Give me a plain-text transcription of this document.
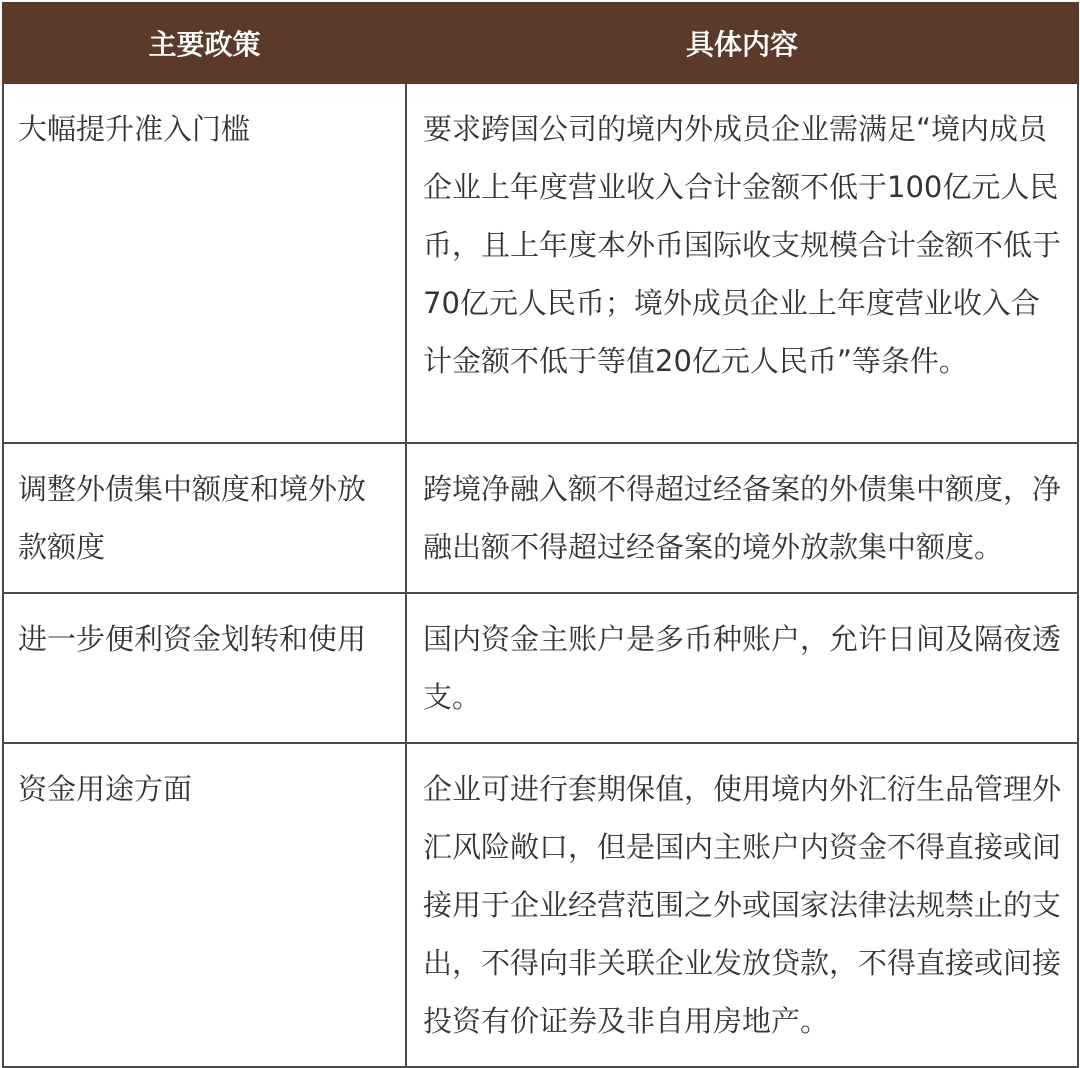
主要政策	具体内容
大幅提升准入门槛	要求跨国公司的境内外成员企业需满足“境内成员企业上年度营业收入合计金额不低于100亿元人民币，且上年度本外币国际收支规模合计金额不低于70亿元人民币；境外成员企业上年度营业收入合计金额不低于等值20亿元人民币”等条件。
调整外债集中额度和境外放款额度	跨境净融入额不得超过经备案的外债集中额度，净融出额不得超过经备案的境外放款集中额度。
进一步便利资金划转和使用	国内资金主账户是多币种账户，允许日间及隔夜透支。
资金用途方面	企业可进行套期保值，使用境内外汇衍生品管理外汇风险敞口，但是国内主账户内资金不得直接或间接用于企业经营范围之外或国家法律法规禁止的支出，不得向非关联企业发放贷款，不得直接或间接投资有价证券及非自用房地产。
